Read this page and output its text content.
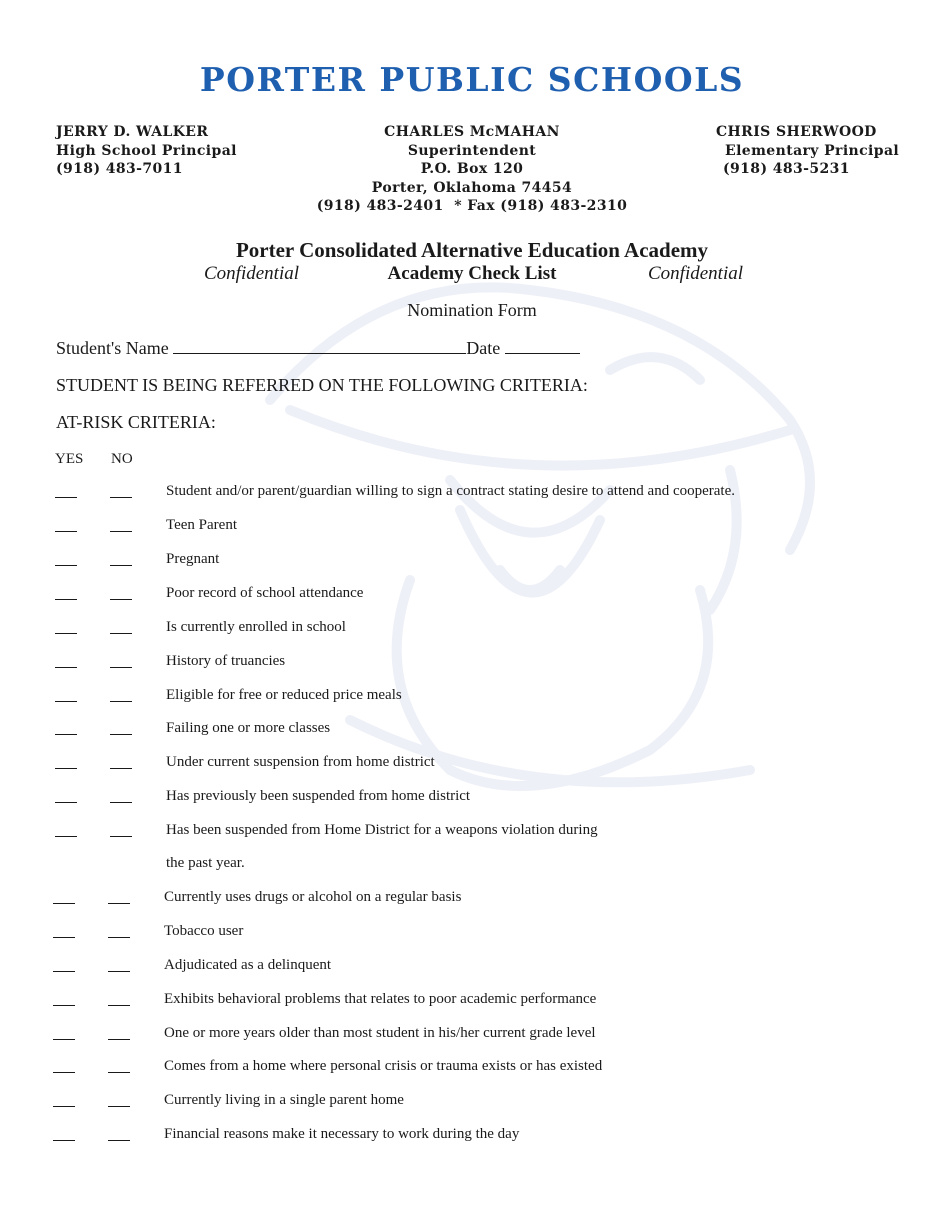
PORTER PUBLIC SCHOOLS
JERRY D. WALKER
High School Principal
(918) 483-7011
CHARLES McMAHAN
Superintendent
P.O. Box 120
Porter, Oklahoma 74454
(918) 483-2401  * Fax (918) 483-2310
CHRIS SHERWOOD
Elementary Principal
(918) 483-5231
Porter Consolidated Alternative Education Academy
Confidential	Academy Check List	Confidential
Nomination Form
Student's Name	Date
STUDENT IS BEING REFERRED ON THE FOLLOWING CRITERIA:
AT-RISK CRITERIA:
YES NO
Student and/or parent/guardian willing to sign a contract stating desire to attend and cooperate.
Teen Parent
Pregnant
Poor record of school attendance
Is currently enrolled in school
History of truancies
Eligible for free or reduced price meals
Failing one or more classes
Under current suspension from home district
Has previously been suspended from home district
Has been suspended from Home District for a weapons violation during
the past year.
Currently uses drugs or alcohol on a regular basis
Tobacco user
Adjudicated as a delinquent
Exhibits behavioral problems that relates to poor academic performance
One or more years older than most student in his/her current grade level
Comes from a home where personal crisis or trauma exists or has existed
Currently living in a single parent home
Financial reasons make it necessary to work during the day
